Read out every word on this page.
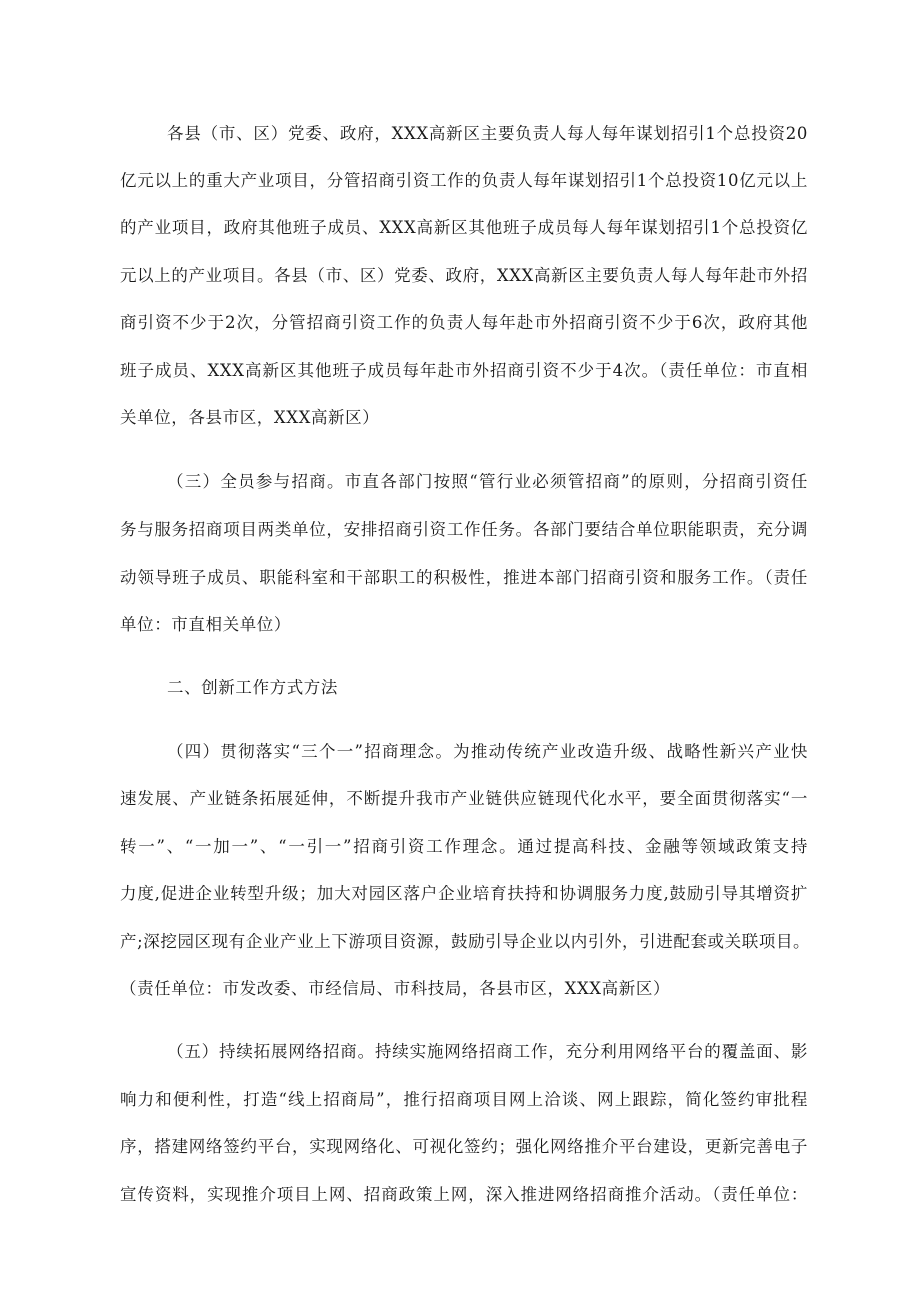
各县（市、区）党委、政府，XXX高新区主要负责人每人每年谋划招引1个总投资20
亿元以上的重大产业项目，分管招商引资工作的负责人每年谋划招引1个总投资10亿元以上
的产业项目，政府其他班子成员、XXX高新区其他班子成员每人每年谋划招引1个总投资亿
元以上的产业项目。各县（市、区）党委、政府，XXX高新区主要负责人每人每年赴市外招
商引资不少于2次，分管招商引资工作的负责人每年赴市外招商引资不少于6次，政府其他
班子成员、XXX高新区其他班子成员每年赴市外招商引资不少于4次。（责任单位：市直相
关单位，各县市区，XXX高新区）
（三）全员参与招商。市直各部门按照“管行业必须管招商”的原则，分招商引资任
务与服务招商项目两类单位，安排招商引资工作任务。各部门要结合单位职能职责，充分调
动领导班子成员、职能科室和干部职工的积极性，推进本部门招商引资和服务工作。（责任
单位：市直相关单位）
二、创新工作方式方法
（四）贯彻落实“三个一”招商理念。为推动传统产业改造升级、战略性新兴产业快
速发展、产业链条拓展延伸，不断提升我市产业链供应链现代化水平，要全面贯彻落实“一
转一”、“一加一”、“一引一”招商引资工作理念。通过提高科技、金融等领域政策支持
力度,促进企业转型升级；加大对园区落户企业培育扶持和协调服务力度,鼓励引导其增资扩
产;深挖园区现有企业产业上下游项目资源，鼓励引导企业以内引外，引进配套或关联项目。
（责任单位：市发改委、市经信局、市科技局，各县市区，XXX高新区）
（五）持续拓展网络招商。持续实施网络招商工作，充分利用网络平台的覆盖面、影
响力和便利性，打造“线上招商局”，推行招商项目网上洽谈、网上跟踪，简化签约审批程
序，搭建网络签约平台，实现网络化、可视化签约；强化网络推介平台建设，更新完善电子
宣传资料，实现推介项目上网、招商政策上网，深入推进网络招商推介活动。（责任单位：
